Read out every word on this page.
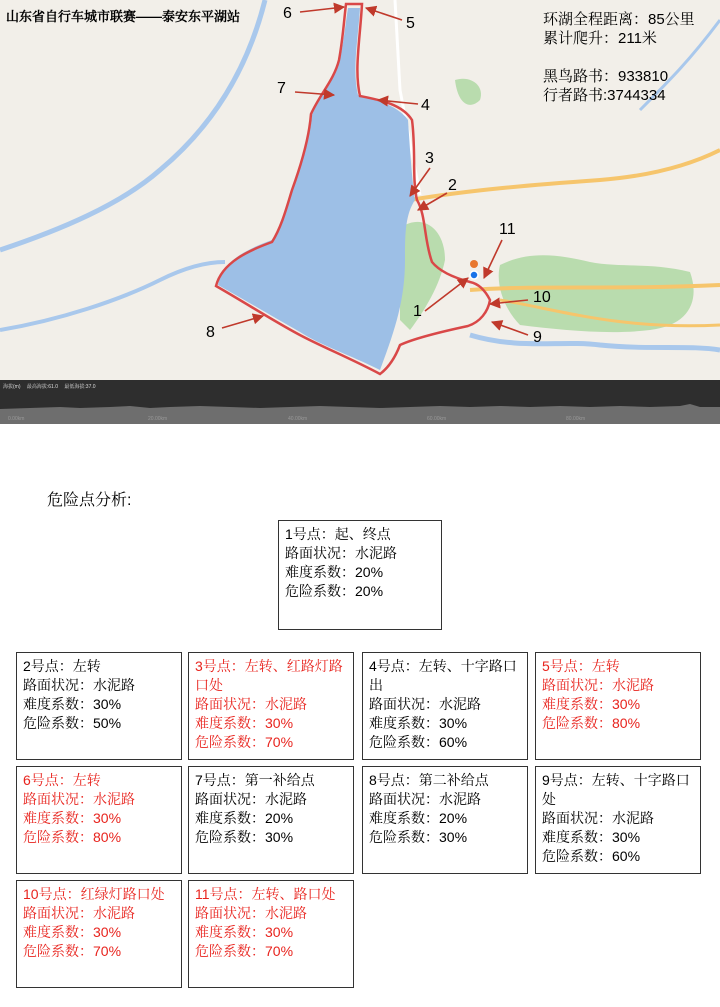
山东省自行车城市联赛——泰安东平湖站	环湖全程距离：85公里
累计爬升：211米
黑鸟路书：933810
行者路书:3744334
1
2
3
4
5
6
7
8	9
10
11
海拔(m) 最高海拔:61.0 最低海拔:37.0
0.00km	20.00km	40.00km	60.00km	80.00km
危险点分析:
1号点：起、终点
路面状况：水泥路
难度系数：20%
危险系数：20%
2号点：左转
路面状况：水泥路
难度系数：30%
危险系数：50%
3号点：左转、红路灯路口处
路面状况：水泥路
难度系数：30%
危险系数：70%
4号点：左转、十字路口出
路面状况：水泥路
难度系数：30%
危险系数：60%
5号点：左转
路面状况：水泥路
难度系数：30%
危险系数：80%
6号点：左转
路面状况：水泥路
难度系数：30%
危险系数：80%
7号点：第一补给点
路面状况：水泥路
难度系数：20%
危险系数：30%
8号点：第二补给点
路面状况：水泥路
难度系数：20%
危险系数：30%
9号点：左转、十字路口处
路面状况：水泥路
难度系数：30%
危险系数：60%
10号点：红绿灯路口处
路面状况：水泥路
难度系数：30%
危险系数：70%
11号点：左转、路口处
路面状况：水泥路
难度系数：30%
危险系数：70%
